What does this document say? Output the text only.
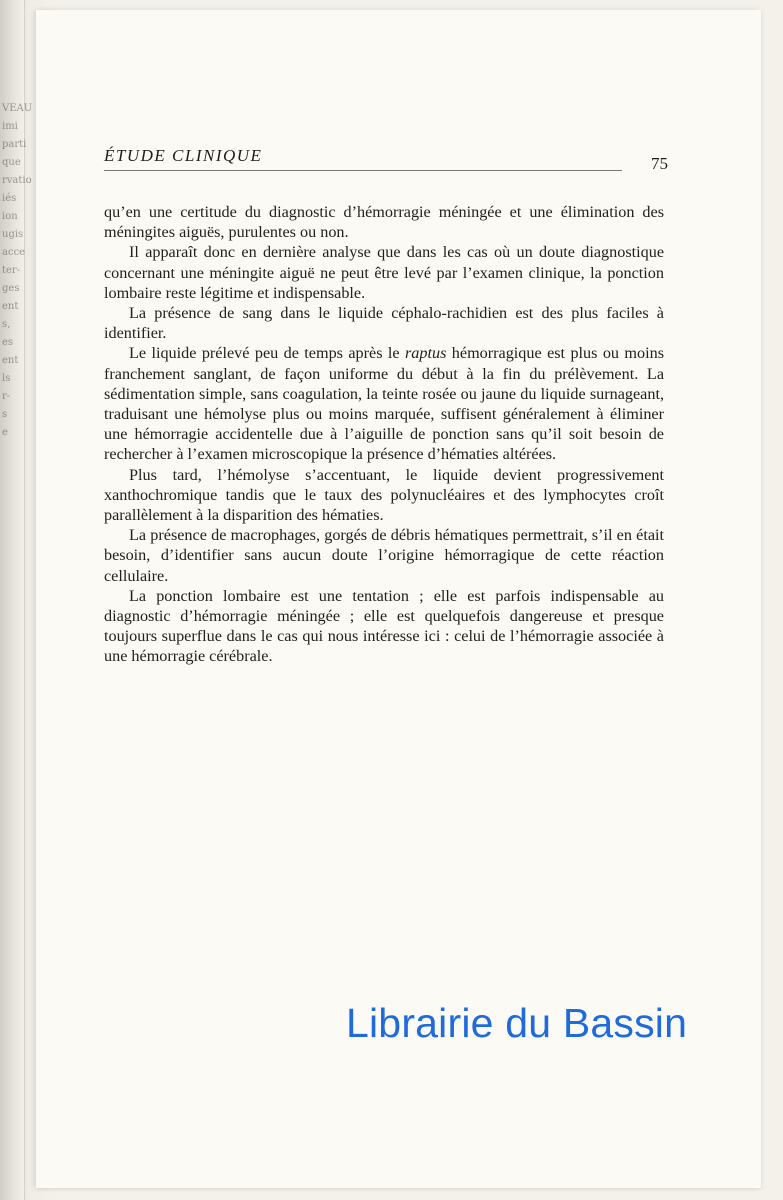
VEAU
imi
parti
que
rvatio
iés
ion
ugis
acce
ter-
ges
ent
s,
es
ent
ls
r-
s
e
ÉTUDE CLINIQUE	75

qu’en une certitude du diagnostic d’hémorragie méningée et une élimination des méningites aiguës, purulentes ou non.

Il apparaît donc en dernière analyse que dans les cas où un doute diagnostique concernant une méningite aiguë ne peut être levé par l’examen clinique, la ponction lombaire reste légitime et indispensable.

La présence de sang dans le liquide céphalo-rachidien est des plus faciles à identifier.

Le liquide prélevé peu de temps après le raptus hémorragique est plus ou moins franchement sanglant, de façon uniforme du début à la fin du prélèvement. La sédimentation simple, sans coagulation, la teinte rosée ou jaune du liquide surnageant, traduisant une hémolyse plus ou moins marquée, suffisent généralement à éliminer une hémorragie accidentelle due à l’aiguille de ponction sans qu’il soit besoin de rechercher à l’examen microscopique la présence d’hématies altérées.

Plus tard, l’hémolyse s’accentuant, le liquide devient progressivement xanthochromique tandis que le taux des polynucléaires et des lymphocytes croît parallèlement à la disparition des hématies.

La présence de macrophages, gorgés de débris hématiques permettrait, s’il en était besoin, d’identifier sans aucun doute l’origine hémorragique de cette réaction cellulaire.

La ponction lombaire est une tentation ; elle est parfois indispensable au diagnostic d’hémorragie méningée ; elle est quelquefois dangereuse et presque toujours superflue dans le cas qui nous intéresse ici : celui de l’hémorragie associée à une hémorragie cérébrale.

Librairie du Bassin
